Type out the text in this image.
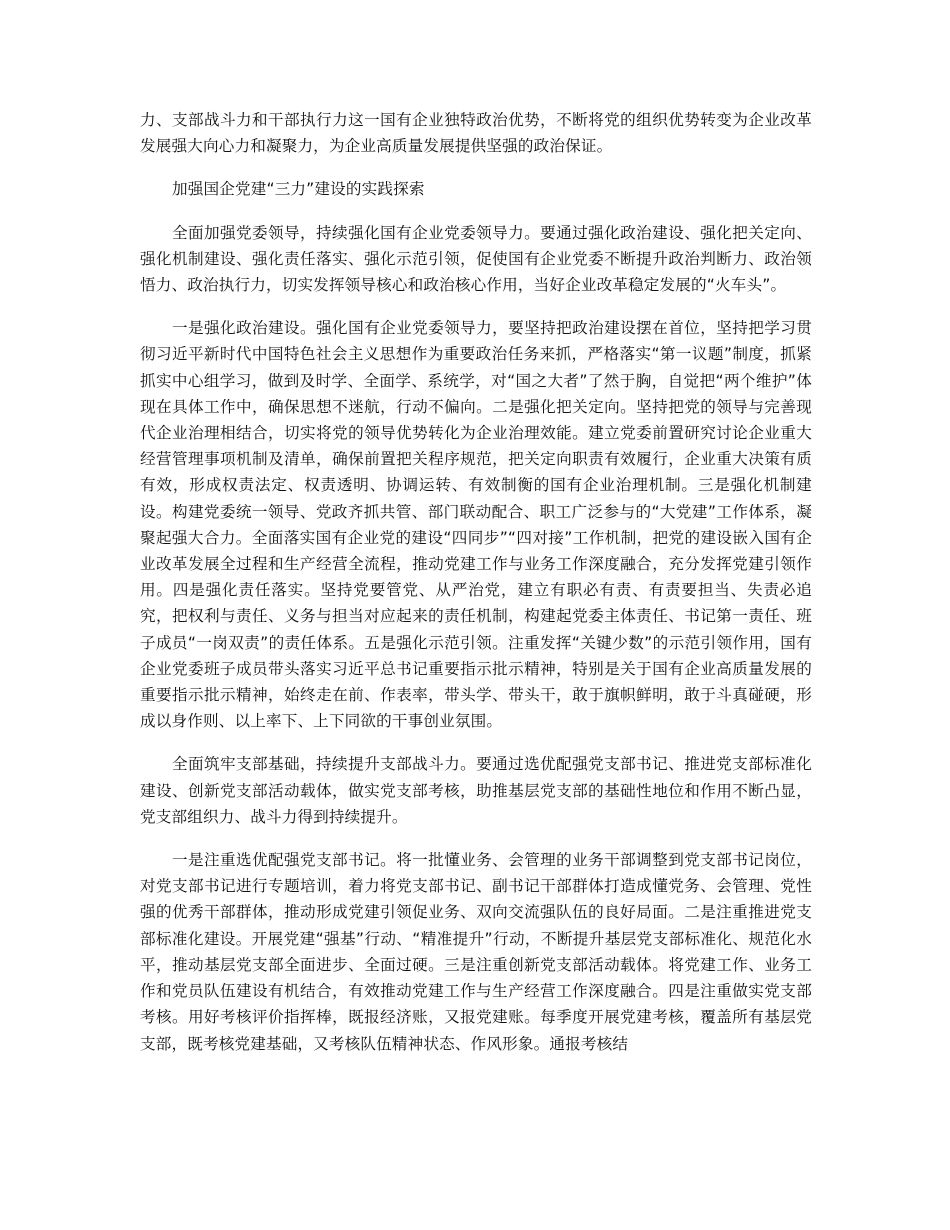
力、支部战斗力和干部执行力这一国有企业独特政治优势，不断将党的组织优势转变为企业改革发展强大向心力和凝聚力，为企业高质量发展提供坚强的政治保证。

加强国企党建“三力”建设的实践探索

全面加强党委领导，持续强化国有企业党委领导力。要通过强化政治建设、强化把关定向、强化机制建设、强化责任落实、强化示范引领，促使国有企业党委不断提升政治判断力、政治领悟力、政治执行力，切实发挥领导核心和政治核心作用，当好企业改革稳定发展的“火车头”。

一是强化政治建设。强化国有企业党委领导力，要坚持把政治建设摆在首位，坚持把学习贯彻习近平新时代中国特色社会主义思想作为重要政治任务来抓，严格落实“第一议题”制度，抓紧抓实中心组学习，做到及时学、全面学、系统学，对“国之大者”了然于胸，自觉把“两个维护”体现在具体工作中，确保思想不迷航，行动不偏向。二是强化把关定向。坚持把党的领导与完善现代企业治理相结合，切实将党的领导优势转化为企业治理效能。建立党委前置研究讨论企业重大经营管理事项机制及清单，确保前置把关程序规范，把关定向职责有效履行，企业重大决策有质有效，形成权责法定、权责透明、协调运转、有效制衡的国有企业治理机制。三是强化机制建设。构建党委统一领导、党政齐抓共管、部门联动配合、职工广泛参与的“大党建”工作体系，凝聚起强大合力。全面落实国有企业党的建设“四同步”“四对接”工作机制，把党的建设嵌入国有企业改革发展全过程和生产经营全流程，推动党建工作与业务工作深度融合，充分发挥党建引领作用。四是强化责任落实。坚持党要管党、从严治党，建立有职必有责、有责要担当、失责必追究，把权利与责任、义务与担当对应起来的责任机制，构建起党委主体责任、书记第一责任、班子成员“一岗双责”的责任体系。五是强化示范引领。注重发挥“关键少数”的示范引领作用，国有企业党委班子成员带头落实习近平总书记重要指示批示精神，特别是关于国有企业高质量发展的重要指示批示精神，始终走在前、作表率，带头学、带头干，敢于旗帜鲜明，敢于斗真碰硬，形成以身作则、以上率下、上下同欲的干事创业氛围。

全面筑牢支部基础，持续提升支部战斗力。要通过选优配强党支部书记、推进党支部标准化建设、创新党支部活动载体，做实党支部考核，助推基层党支部的基础性地位和作用不断凸显，党支部组织力、战斗力得到持续提升。

一是注重选优配强党支部书记。将一批懂业务、会管理的业务干部调整到党支部书记岗位，对党支部书记进行专题培训，着力将党支部书记、副书记干部群体打造成懂党务、会管理、党性强的优秀干部群体，推动形成党建引领促业务、双向交流强队伍的良好局面。二是注重推进党支部标准化建设。开展党建“强基”行动、“精准提升”行动，不断提升基层党支部标准化、规范化水平，推动基层党支部全面进步、全面过硬。三是注重创新党支部活动载体。将党建工作、业务工作和党员队伍建设有机结合，有效推动党建工作与生产经营工作深度融合。四是注重做实党支部考核。用好考核评价指挥棒，既报经济账，又报党建账。每季度开展党建考核，覆盖所有基层党支部，既考核党建基础，又考核队伍精神状态、作风形象。通报考核结
